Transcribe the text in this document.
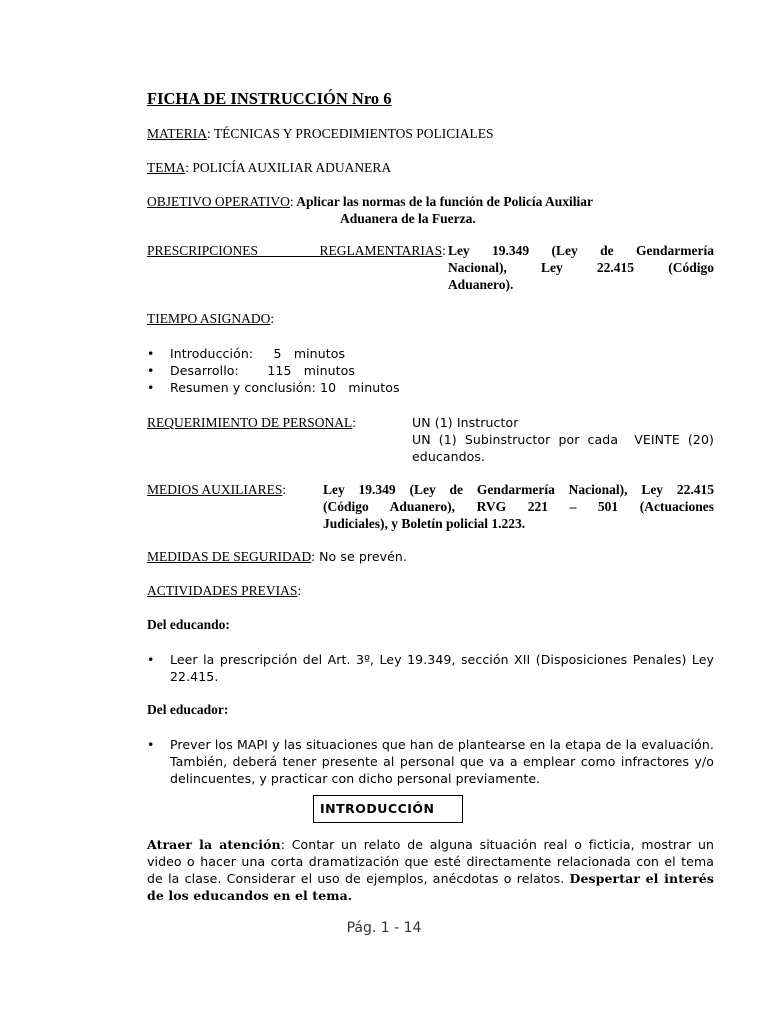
FICHA DE INSTRUCCIÓN Nro 6
MATERIA: TÉCNICAS Y PROCEDIMIENTOS POLICIALES
TEMA: POLICÍA AUXILIAR ADUANERA
OBJETIVO OPERATIVO: Aplicar las normas de la función de Policía Auxiliar
Aduanera de la Fuerza.
PRESCRIPCIONES REGLAMENTARIAS: Ley 19.349 (Ley de Gendarmería
Nacional), Ley 22.415 (Código
Aduanero).
TIEMPO ASIGNADO:
• Introducción:     5   minutos
• Desarrollo:       115   minutos
• Resumen y conclusión: 10   minutos
REQUERIMIENTO DE PERSONAL:	UN (1) Instructor
UN (1) Subinstructor por cada  VEINTE (20)
educandos.
MEDIOS AUXILIARES:	Ley 19.349 (Ley de Gendarmería Nacional), Ley 22.415
(Código Aduanero), RVG 221 – 501 (Actuaciones
Judiciales), y Boletín policial 1.223.
MEDIDAS DE SEGURIDAD: No se prevén.
ACTIVIDADES PREVIAS:
Del educando:
• Leer la prescripción del Art. 3º, Ley 19.349, sección XII (Disposiciones Penales) Ley 22.415.
Del educador:
• Prever los MAPI y las situaciones que han de plantearse en la etapa de la evaluación. También, deberá tener presente al personal que va a emplear como infractores y/o delincuentes, y practicar con dicho personal previamente.
INTRODUCCIÓN
Atraer la atención: Contar un relato de alguna situación real o ficticia, mostrar un video o hacer una corta dramatización que esté directamente relacionada con el tema de la clase. Considerar el uso de ejemplos, anécdotas o relatos. Despertar el interés de los educandos en el tema.
Pág. 1 - 14
